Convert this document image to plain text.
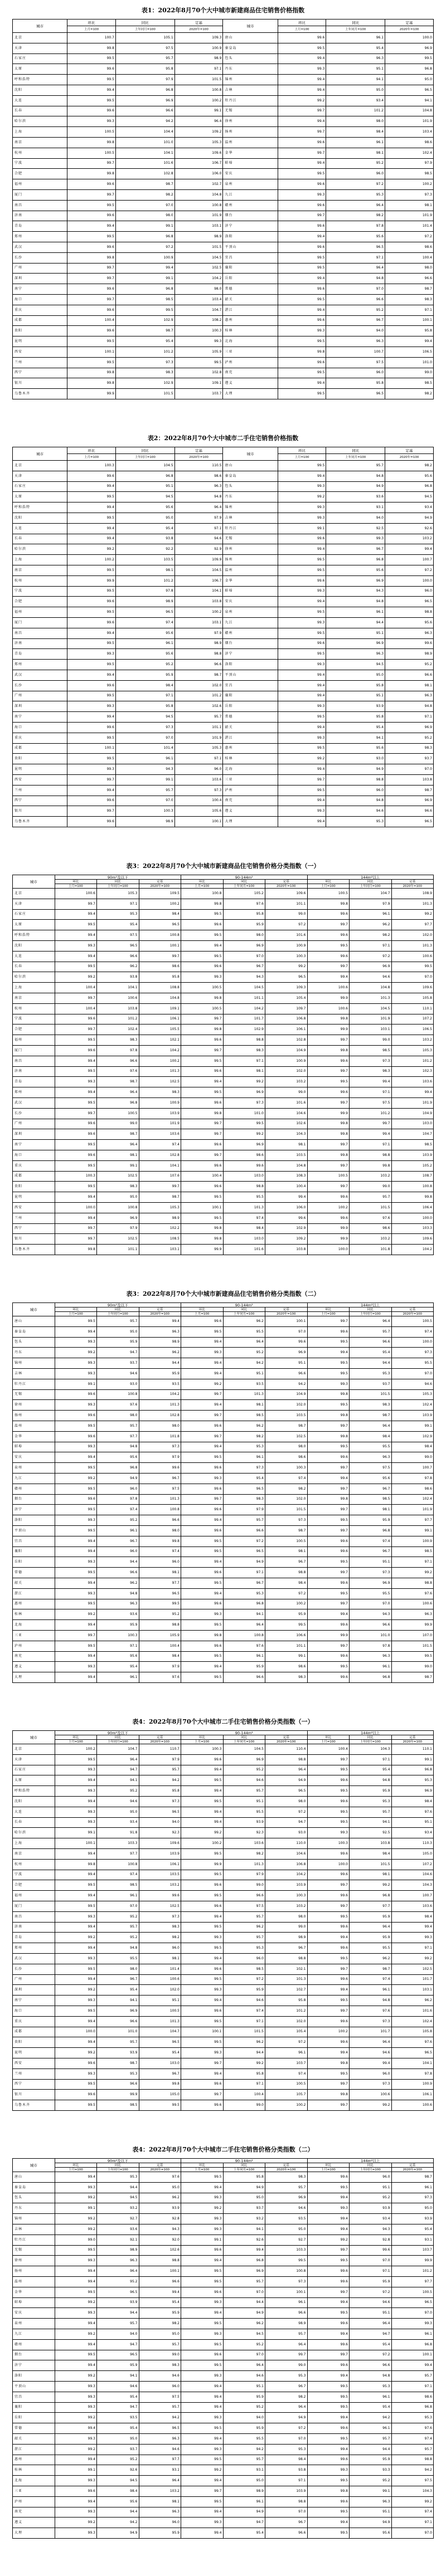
表1：2022年8月70个大中城市新建商品住宅销售价格指数
城市	环比	同比	定基	城市	环比	同比	定基
	上月=100	上年同月=100	2020年=100		上月=100	上年同月=100	2020年=100
北京	100.7	105.1	109.3	唐山	99.6	96.1	100.0
天津	99.8	97.5	100.9	秦皇岛	99.5	95.4	96.9
石家庄	99.5	95.7	98.9	包头	99.4	96.3	99.5
太原	99.6	95.8	97.1	丹东	99.3	95.1	96.8
呼和浩特	99.5	97.9	101.5	锦州	99.4	94.1	95.0
沈阳	99.4	96.8	100.8	吉林	99.4	95.0	96.5
大连	99.5	96.9	100.2	牡丹江	99.2	93.4	94.1
长春	99.6	96.6	99.1	无锡	99.7	101.2	104.8
哈尔滨	99.3	94.2	96.4	徐州	99.4	98.0	101.9
上海	100.5	104.4	109.2	扬州	99.7	98.4	103.4
南京	99.8	101.0	105.3	温州	99.6	96.1	98.6
杭州	100.5	104.1	109.6	金华	99.7	98.1	102.4
宁波	99.7	101.6	106.7	蚌埠	99.4	95.2	97.9
合肥	99.8	102.8	106.0	安庆	99.5	96.0	98.5
福州	99.6	98.7	102.7	泉州	99.6	97.2	100.2
厦门	99.7	98.2	104.8	九江	99.3	95.3	97.3
南昌	99.5	97.0	100.8	赣州	99.6	96.4	98.1
济南	99.6	98.0	101.9	烟台	99.7	98.2	101.9
青岛	99.4	99.1	103.1	济宁	99.6	97.8	101.4
郑州	99.5	96.8	98.9	洛阳	99.4	95.6	97.2
武汉	99.6	97.2	101.5	平顶山	99.6	96.5	98.6
长沙	99.8	100.9	104.5	宜昌	99.5	97.1	100.4
广州	99.7	99.4	102.5	襄阳	99.5	96.4	98.0
深圳	99.7	99.1	104.2	岳阳	99.4	94.8	96.6
南宁	99.6	96.8	98.0	常德	99.6	97.0	98.7
海口	99.7	98.5	103.4	韶关	99.5	96.6	98.3
重庆	99.6	99.5	104.7	湛江	99.4	95.2	97.1
成都	100.4	102.9	108.2	惠州	99.6	96.7	100.1
贵阳	99.6	98.7	100.3	桂林	99.3	94.0	95.8
昆明	99.5	95.4	99.3	北海	99.5	96.3	99.4
西安	100.1	101.2	105.9	三亚	99.8	100.7	106.5
兰州	99.5	97.3	99.5	泸州	99.6	97.5	101.0
西宁	99.8	98.3	102.8	南充	99.5	96.0	99.0
银川	99.8	102.9	109.1	遵义	99.4	95.8	98.5
乌鲁木齐	99.9	101.5	103.7	大理	99.5	96.5	98.2
表2：2022年8月70个大中城市二手住宅销售价格指数
城市	环比	同比	定基	城市	环比	同比	定基
	上月=100	上年同月=100	2020年=100		上月=100	上年同月=100	2020年=100
北京	100.3	104.5	110.5	唐山	99.5	95.7	98.2
天津	99.6	96.8	98.6	秦皇岛	99.4	94.8	95.6
石家庄	99.4	95.1	96.3	包头	99.3	94.9	96.8
太原	99.5	94.5	94.8	丹东	99.2	93.6	94.5
呼和浩特	99.4	95.6	96.4	锦州	99.3	93.1	93.4
沈阳	99.5	95.0	97.9	吉林	99.3	94.0	94.9
大连	99.4	95.4	97.1	牡丹江	99.1	92.5	92.6
长春	99.4	93.8	94.6	无锡	99.6	99.3	103.2
哈尔滨	99.2	92.2	92.9	徐州	99.4	96.7	99.4
上海	100.2	103.5	109.9	扬州	99.5	96.8	100.7
南京	99.5	98.1	104.5	温州	99.5	95.6	97.2
杭州	99.9	101.2	106.7	金华	99.6	96.9	100.0
宁波	99.5	97.8	104.1	蚌埠	99.3	94.3	96.0
合肥	99.6	98.9	103.8	安庆	99.4	94.8	96.5
福州	99.5	96.5	100.2	泉州	99.5	96.1	98.8
厦门	99.6	97.4	103.1	九江	99.3	94.4	95.6
南昌	99.4	95.6	97.9	赣州	99.5	95.1	96.3
济南	99.5	96.1	98.9	烟台	99.6	96.9	99.6
青岛	99.3	95.6	98.8	济宁	99.5	96.3	98.9
郑州	99.5	95.2	96.6	洛阳	99.3	94.5	95.2
武汉	99.4	95.9	98.7	平顶山	99.4	95.0	96.6
长沙	99.6	98.4	102.0	宜昌	99.4	95.8	98.1
广州	99.5	97.1	101.2	襄阳	99.4	95.1	96.3
深圳	99.3	95.8	102.6	岳阳	99.3	93.9	94.8
南宁	99.4	94.5	95.7	常德	99.5	95.8	97.1
海口	99.6	97.3	101.1	韶关	99.4	95.4	96.9
重庆	99.5	97.0	101.9	湛江	99.3	94.1	95.2
成都	100.1	101.4	105.3	惠州	99.5	95.6	98.3
贵阳	99.5	96.1	97.1	桂林	99.2	93.0	93.7
昆明	99.3	94.3	96.0	北海	99.4	94.9	97.0
西安	99.7	99.1	103.6	三亚	99.7	98.8	103.8
兰州	99.4	95.7	97.3	泸州	99.5	96.0	98.7
西宁	99.6	97.0	100.4	南充	99.4	94.8	96.9
银川	99.7	100.3	105.6	遵义	99.3	94.6	96.6
乌鲁木齐	99.6	98.9	100.1	大理	99.4	95.3	96.5
表3：2022年8月70个大中城市新建商品住宅销售价格分类指数（一）
城市	90m²及以下			90-144m²			144m²以上		
	环比	同比	定基	环比	同比	定基	环比	同比	定基
	上月=100	上年同月=100	2020年=100	上月=100	上年同月=100	2020年=100	上月=100	上年同月=100	2020年=100
北京	100.6	105.3	109.5	100.8	105.2	109.6	100.5	104.7	108.9
天津	99.7	97.1	100.2	99.8	97.6	101.1	99.8	97.9	101.3
石家庄	99.4	95.3	98.4	99.5	95.8	99.0	99.6	96.1	99.2
太原	99.5	95.4	96.5	99.6	95.9	97.2	99.7	96.2	97.7
呼和浩特	99.4	97.5	100.8	99.5	98.0	101.6	99.6	98.2	102.0
沈阳	99.3	96.5	100.1	99.4	96.9	100.9	99.5	97.1	101.3
大连	99.4	96.6	99.7	99.5	97.0	100.3	99.6	97.2	100.6
长春	99.5	96.2	98.6	99.6	96.7	99.2	99.7	96.9	99.5
哈尔滨	99.2	93.8	95.8	99.3	94.3	96.5	99.4	94.6	97.0
上海	100.4	104.1	108.8	100.5	104.5	109.3	100.6	104.8	109.6
南京	99.7	100.6	104.8	99.8	101.1	105.4	99.9	101.3	105.8
杭州	100.4	103.8	109.1	100.5	104.2	109.7	100.6	104.5	110.1
宁波	99.6	101.2	106.1	99.7	101.7	106.8	99.8	101.9	107.2
合肥	99.7	102.4	105.5	99.8	102.9	106.1	99.9	103.1	106.5
福州	99.5	98.3	102.1	99.6	98.8	102.8	99.7	99.0	103.2
厦门	99.6	97.8	104.2	99.7	98.3	104.9	99.8	98.5	105.3
南昌	99.4	96.6	100.2	99.5	97.1	100.9	99.6	97.3	101.2
济南	99.5	97.6	101.3	99.6	98.1	102.0	99.7	98.3	102.3
青岛	99.3	98.7	102.5	99.4	99.2	103.2	99.5	99.4	103.6
郑州	99.4	96.4	98.3	99.5	96.9	99.0	99.6	97.1	99.4
武汉	99.5	96.8	100.9	99.6	97.3	101.6	99.7	97.5	101.9
长沙	99.7	100.5	103.9	99.8	101.0	104.6	99.9	101.2	104.9
广州	99.6	99.0	101.9	99.7	99.5	102.6	99.8	99.7	103.0
深圳	99.6	98.7	103.6	99.7	99.2	104.3	99.8	99.4	104.7
南宁	99.5	96.4	97.4	99.6	96.9	98.1	99.7	97.1	98.5
海口	99.6	98.1	102.8	99.7	98.6	103.5	99.8	98.8	103.9
重庆	99.5	99.1	104.1	99.6	99.6	104.8	99.7	99.8	105.2
成都	100.3	102.5	107.6	100.4	103.0	108.3	100.5	103.2	108.7
贵阳	99.5	98.3	99.7	99.6	98.8	100.4	99.7	99.0	100.8
昆明	99.4	95.0	98.7	99.5	95.5	99.4	99.6	95.7	99.8
西安	100.0	100.8	105.3	100.1	101.3	106.0	100.2	101.5	106.4
兰州	99.4	96.9	98.9	99.5	97.4	99.6	99.6	97.6	100.0
西宁	99.7	97.9	102.2	99.8	98.4	102.9	99.9	98.6	103.3
银川	99.7	102.5	108.5	99.8	103.0	109.2	99.9	103.2	109.6
乌鲁木齐	99.8	101.1	103.1	99.9	101.6	103.8	100.0	101.8	104.2
表3：2022年8月70个大中城市新建商品住宅销售价格分类指数（二）
城市	90m²及以下			90-144m²			144m²以上		
	环比	同比	定基	环比	同比	定基	环比	同比	定基
	上月=100	上年同月=100	2020年=100	上月=100	上年同月=100	2020年=100	上月=100	上年同月=100	2020年=100
唐山	99.5	95.7	99.4	99.6	96.2	100.1	99.7	96.4	100.5
秦皇岛	99.4	95.0	96.3	99.5	95.5	97.0	99.6	95.7	97.4
包头	99.3	95.9	98.9	99.4	96.4	99.6	99.5	96.6	100.0
丹东	99.2	94.7	96.2	99.3	95.2	96.9	99.4	95.4	97.3
锦州	99.3	93.7	94.4	99.4	94.2	95.1	99.5	94.4	95.5
吉林	99.3	94.6	95.9	99.4	95.1	96.6	99.5	95.3	97.0
牡丹江	99.1	93.0	93.5	99.2	93.5	94.2	99.3	93.7	94.6
无锡	99.6	100.8	104.2	99.7	101.3	104.9	99.8	101.5	105.3
徐州	99.3	97.6	101.3	99.4	98.1	102.0	99.5	98.3	102.4
扬州	99.6	98.0	102.8	99.7	98.5	103.5	99.8	98.7	103.9
温州	99.5	95.7	98.0	99.6	96.2	98.7	99.7	96.4	99.1
金华	99.6	97.7	101.8	99.7	98.2	102.5	99.8	98.4	102.9
蚌埠	99.3	94.8	97.3	99.4	95.3	98.0	99.5	95.5	98.4
安庆	99.4	95.6	97.9	99.5	96.1	98.6	99.6	96.3	99.0
泉州	99.5	96.8	99.6	99.6	97.3	100.3	99.7	97.5	100.7
九江	99.2	94.9	96.7	99.3	95.4	97.4	99.4	95.6	97.8
赣州	99.5	96.0	97.5	99.6	96.5	98.2	99.7	96.7	98.6
烟台	99.6	97.8	101.3	99.7	98.3	102.0	99.8	98.5	102.4
济宁	99.5	97.4	100.8	99.6	97.9	101.5	99.7	98.1	101.9
洛阳	99.3	95.2	96.6	99.4	95.7	97.3	99.5	95.9	97.7
平顶山	99.5	96.1	98.0	99.6	96.6	98.7	99.7	96.8	99.1
宜昌	99.4	96.7	99.8	99.5	97.2	100.5	99.6	97.4	100.9
襄阳	99.4	96.0	97.4	99.5	96.5	98.1	99.6	96.7	98.5
岳阳	99.3	94.4	96.0	99.4	94.9	96.7	99.5	95.1	97.1
常德	99.5	96.6	98.1	99.6	97.1	98.8	99.7	97.3	99.2
韶关	99.4	96.2	97.7	99.5	96.7	98.4	99.6	96.9	98.8
湛江	99.3	94.8	96.5	99.4	95.3	97.2	99.5	95.5	97.6
惠州	99.5	96.3	99.5	99.6	96.8	100.2	99.7	97.0	100.6
桂林	99.2	93.6	95.2	99.3	94.1	95.9	99.4	94.3	96.3
北海	99.4	95.9	98.8	99.5	96.4	99.5	99.6	96.6	99.9
三亚	99.7	100.3	105.9	99.8	100.8	106.6	99.9	101.0	107.0
泸州	99.5	97.1	100.4	99.6	97.6	101.1	99.7	97.8	101.5
南充	99.4	95.6	98.4	99.5	96.1	99.1	99.6	96.3	99.5
遵义	99.3	95.4	97.9	99.4	95.9	98.6	99.5	96.1	99.0
大理	99.4	96.1	97.6	99.5	96.6	98.3	99.6	96.8	98.7
表4：2022年8月70个大中城市二手住宅销售价格分类指数（一）
城市	90m²及以下			90-144m²			144m²以上		
	环比	同比	定基	环比	同比	定基	环比	同比	定基
	上月=100	上年同月=100	2020年=100	上月=100	上年同月=100	2020年=100	上月=100	上年同月=100	2020年=100
北京	100.2	104.7	110.7	100.3	104.5	110.4	100.4	104.3	110.1
天津	99.5	96.4	97.9	99.6	96.9	98.8	99.7	97.1	99.1
石家庄	99.3	94.7	95.7	99.4	95.2	96.4	99.5	95.4	96.8
太原	99.4	94.1	94.2	99.5	94.6	94.9	99.6	94.8	95.3
呼和浩特	99.3	95.2	95.8	99.4	95.7	96.5	99.5	95.9	96.9
沈阳	99.4	94.6	97.3	99.5	95.1	98.0	99.6	95.3	98.4
大连	99.3	95.0	96.5	99.4	95.5	97.2	99.5	95.7	97.6
长春	99.3	93.4	94.0	99.4	93.9	94.7	99.5	94.1	95.1
哈尔滨	99.1	91.8	92.3	99.2	92.3	93.0	99.3	92.5	93.4
上海	100.1	103.3	109.6	100.2	103.6	110.0	100.3	103.8	110.3
南京	99.4	97.7	103.9	99.5	98.2	104.6	99.6	98.4	105.0
杭州	99.8	100.8	106.1	99.9	101.3	106.8	100.0	101.5	107.2
宁波	99.4	97.4	103.5	99.5	97.9	104.2	99.6	98.1	104.6
合肥	99.5	98.5	103.2	99.6	99.0	103.9	99.7	99.2	104.3
福州	99.4	96.1	99.6	99.5	96.6	100.3	99.6	96.8	100.7
厦门	99.5	97.0	102.5	99.6	97.5	103.2	99.7	97.7	103.6
南昌	99.3	95.2	97.3	99.4	95.7	98.0	99.5	95.9	98.4
济南	99.4	95.7	98.3	99.5	96.2	99.0	99.6	96.4	99.4
青岛	99.2	95.2	98.2	99.3	95.7	98.9	99.4	95.9	99.3
郑州	99.4	94.8	96.0	99.5	95.3	96.7	99.6	95.5	97.1
武汉	99.3	95.5	98.1	99.4	96.0	98.8	99.5	96.2	99.2
长沙	99.5	98.0	101.4	99.6	98.5	102.1	99.7	98.7	102.5
广州	99.4	96.7	100.6	99.5	97.2	101.3	99.6	97.4	101.7
深圳	99.2	95.4	102.0	99.3	95.9	102.7	99.4	96.1	103.1
南宁	99.3	94.1	95.1	99.4	94.6	95.8	99.5	94.8	96.2
海口	99.5	96.9	100.5	99.6	97.4	101.2	99.7	97.6	101.6
重庆	99.4	96.6	101.3	99.5	97.1	102.0	99.6	97.3	102.4
成都	100.0	101.0	104.7	100.1	101.5	105.4	100.2	101.7	105.8
贵阳	99.4	95.7	96.5	99.5	96.2	97.2	99.6	96.4	97.6
昆明	99.2	93.9	95.4	99.3	94.4	96.1	99.4	94.6	96.5
西安	99.6	98.7	103.0	99.7	99.2	103.7	99.8	99.4	104.1
兰州	99.3	95.3	96.7	99.4	95.8	97.4	99.5	96.0	97.8
西宁	99.5	96.6	99.8	99.6	97.1	100.5	99.7	97.3	100.9
银川	99.6	99.9	105.0	99.7	100.4	105.7	99.8	100.6	106.1
乌鲁木齐	99.5	98.5	99.5	99.6	99.0	100.2	99.7	99.2	100.6
表4：2022年8月70个大中城市二手住宅销售价格分类指数（二）
城市	90m²及以下			90-144m²			144m²以上		
	环比	同比	定基	环比	同比	定基	环比	同比	定基
	上月=100	上年同月=100	2020年=100	上月=100	上年同月=100	2020年=100	上月=100	上年同月=100	2020年=100
唐山	99.4	95.3	97.6	99.5	95.8	98.3	99.6	96.0	98.7
秦皇岛	99.3	94.4	95.0	99.4	94.9	95.7	99.5	95.1	96.1
包头	99.2	94.5	96.2	99.3	95.0	96.9	99.4	95.2	97.3
丹东	99.1	93.2	93.9	99.2	93.7	94.6	99.3	93.9	95.0
锦州	99.2	92.7	92.8	99.3	93.2	93.5	99.4	93.4	93.9
吉林	99.2	93.6	94.3	99.3	94.1	95.0	99.4	94.3	95.4
牡丹江	99.0	92.1	92.0	99.1	92.6	92.7	99.2	92.8	93.1
无锡	99.5	98.9	102.6	99.6	99.4	103.3	99.7	99.6	103.7
徐州	99.3	96.3	98.8	99.4	96.8	99.5	99.5	97.0	99.9
扬州	99.4	96.4	100.1	99.5	96.9	100.8	99.6	97.1	101.2
温州	99.4	95.2	96.6	99.5	95.7	97.3	99.6	95.9	97.7
金华	99.5	96.5	99.4	99.6	97.0	100.1	99.7	97.2	100.5
蚌埠	99.2	93.9	95.4	99.3	94.4	96.1	99.4	94.6	96.5
安庆	99.3	94.4	95.9	99.4	94.9	96.6	99.5	95.1	97.0
泉州	99.4	95.7	98.2	99.5	96.2	98.9	99.6	96.4	99.3
九江	99.2	94.0	95.0	99.3	94.5	95.7	99.4	94.7	96.1
赣州	99.4	94.7	95.7	99.5	95.2	96.4	99.6	95.4	96.8
烟台	99.5	96.5	99.0	99.6	97.0	99.7	99.7	97.2	100.1
济宁	99.4	95.9	98.3	99.5	96.4	99.0	99.6	96.6	99.4
洛阳	99.2	94.1	94.6	99.3	94.6	95.3	99.4	94.8	95.7
平顶山	99.3	94.6	96.0	99.4	95.1	96.7	99.5	95.3	97.1
宜昌	99.3	95.4	97.5	99.4	95.9	98.2	99.5	96.1	98.6
襄阳	99.3	94.7	95.7	99.4	95.2	96.4	99.5	95.4	96.8
岳阳	99.2	93.5	94.2	99.3	94.0	94.9	99.4	94.2	95.3
常德	99.4	95.4	96.5	99.5	95.9	97.2	99.6	96.1	97.6
韶关	99.3	95.0	96.3	99.4	95.5	97.0	99.5	95.7	97.4
湛江	99.2	93.7	94.6	99.3	94.2	95.3	99.4	94.4	95.7
惠州	99.4	95.2	97.7	99.5	95.7	98.4	99.6	95.9	98.8
桂林	99.1	92.6	93.1	99.2	93.1	93.8	99.3	93.3	94.2
北海	99.3	94.5	96.4	99.4	95.0	97.1	99.5	95.2	97.5
三亚	99.6	98.4	103.2	99.7	98.9	103.9	99.8	99.1	104.3
泸州	99.4	95.6	98.1	99.5	96.1	98.8	99.6	96.3	99.2
南充	99.3	94.4	96.3	99.4	94.9	97.0	99.5	95.1	97.4
遵义	99.2	94.2	96.0	99.3	94.7	96.7	99.4	94.9	97.1
大理	99.3	94.9	95.9	99.4	95.4	96.6	99.5	95.6	97.0
